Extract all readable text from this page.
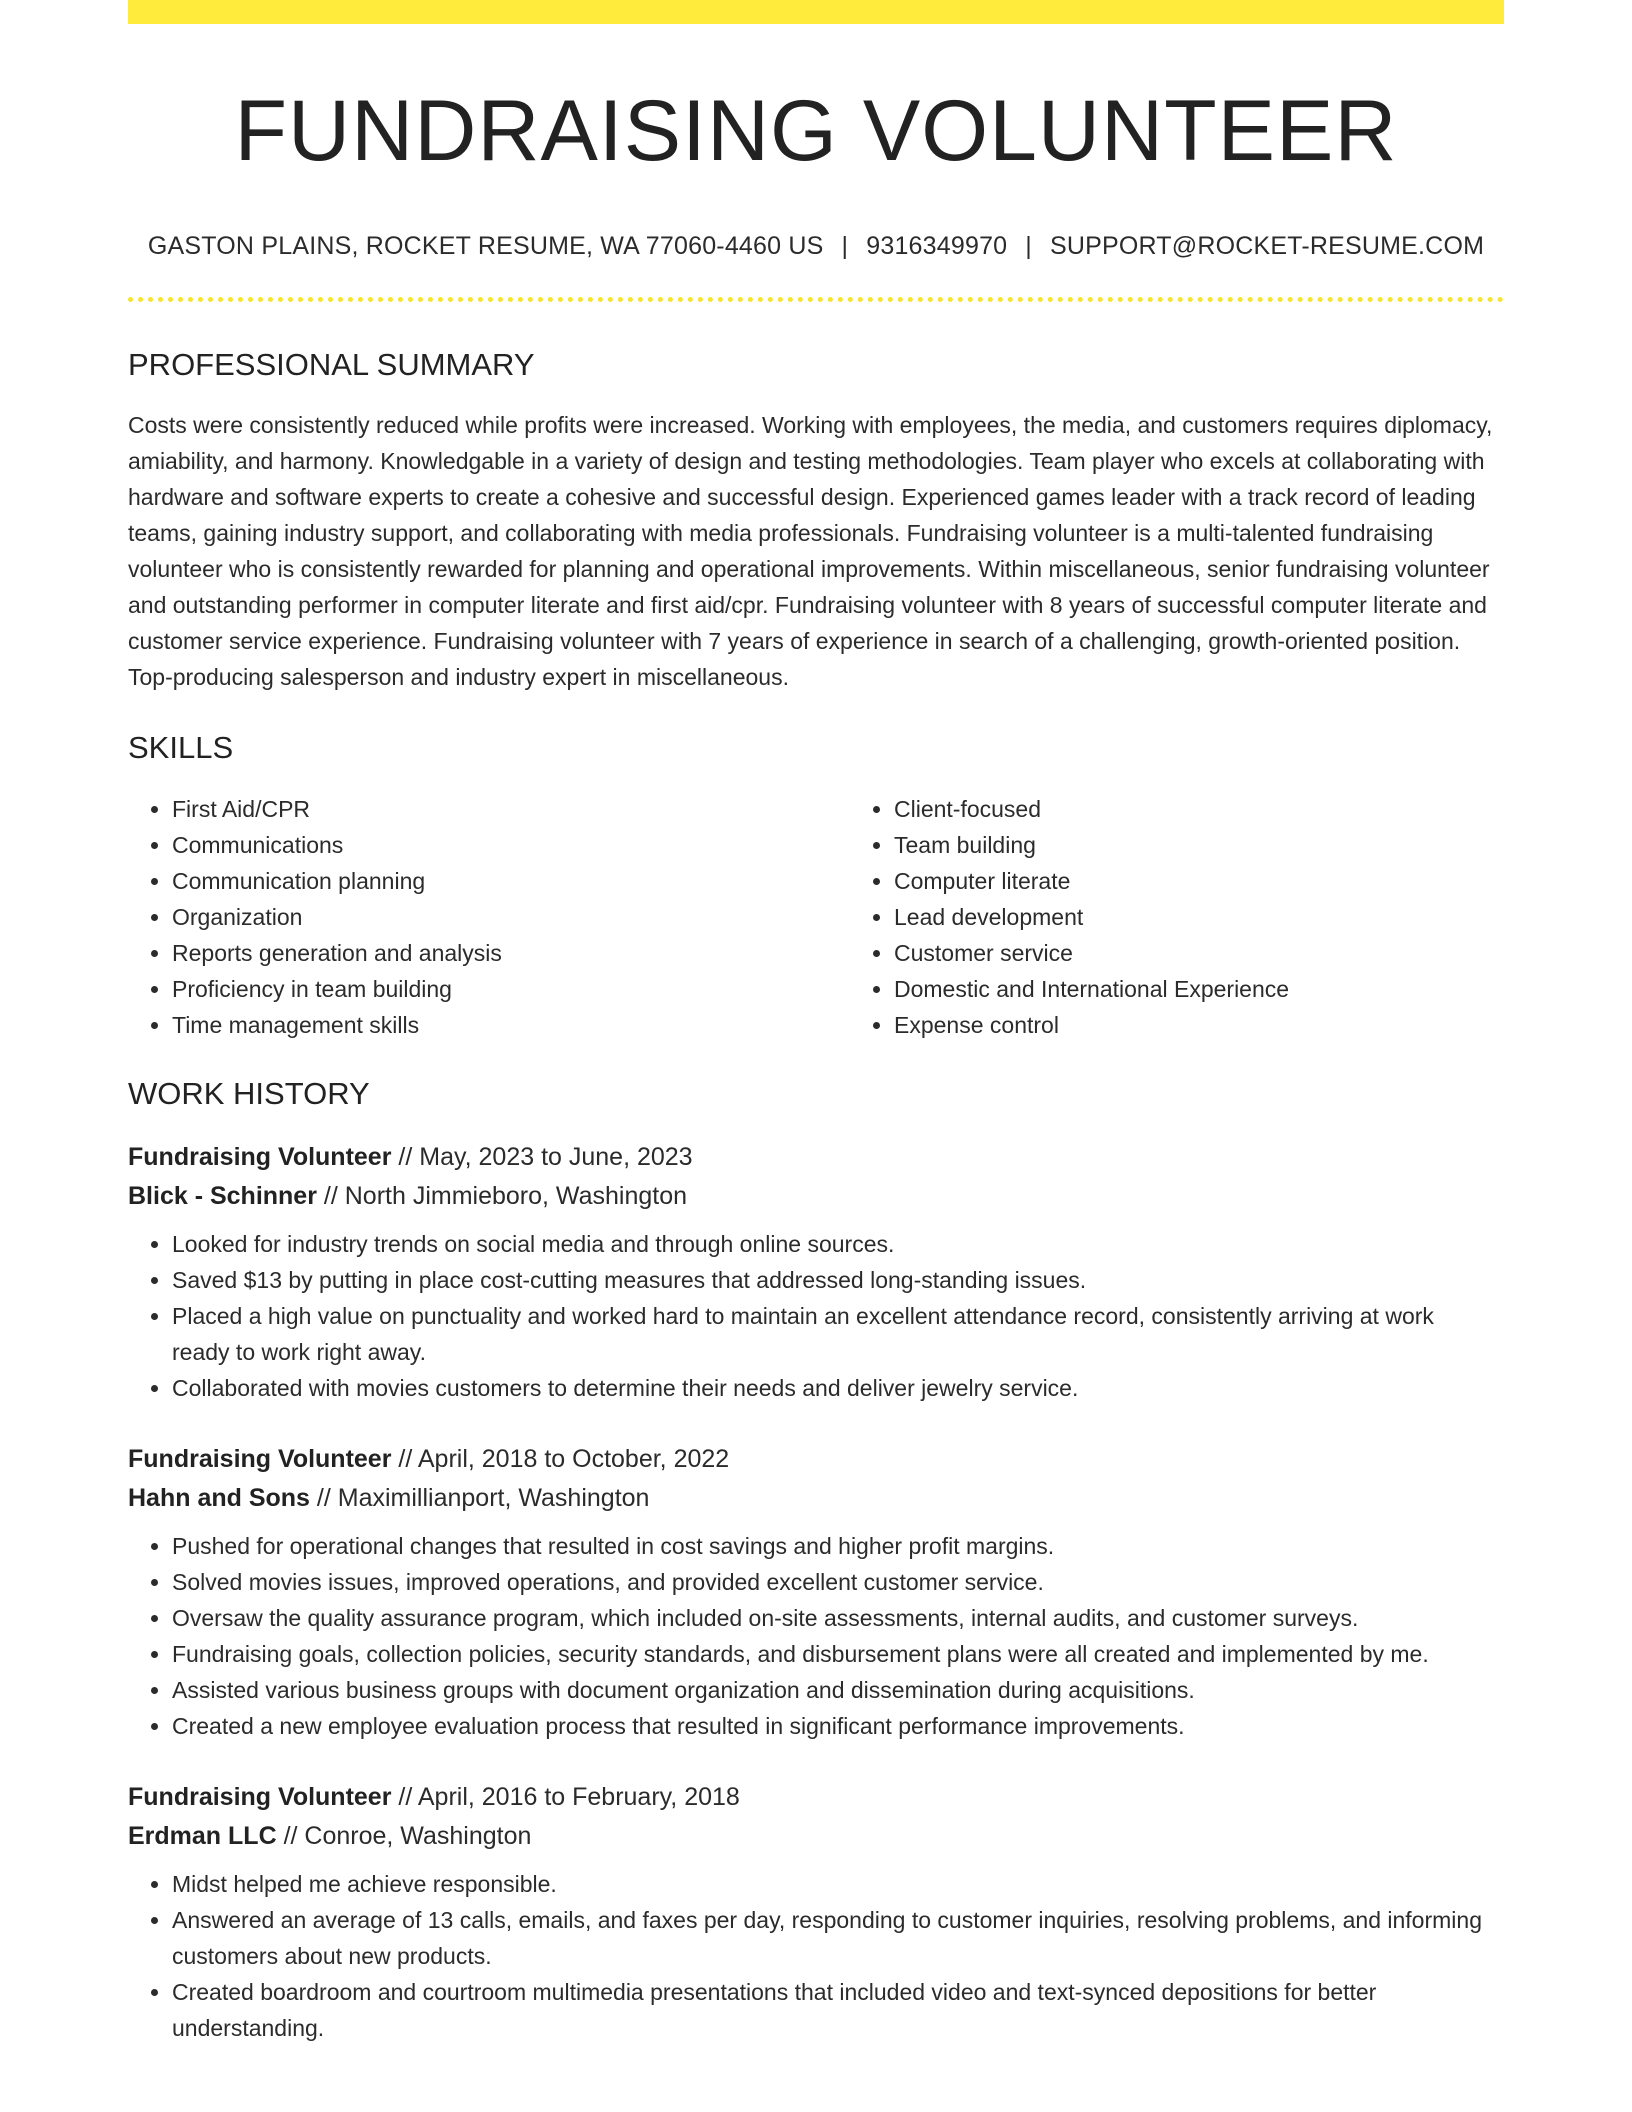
FUNDRAISING VOLUNTEER
GASTON PLAINS, ROCKET RESUME, WA 77060-4460 US | 9316349970 | SUPPORT@ROCKET-RESUME.COM
PROFESSIONAL SUMMARY

Costs were consistently reduced while profits were increased. Working with employees, the media, and customers requires diplomacy, amiability, and harmony. Knowledgable in a variety of design and testing methodologies. Team player who excels at collaborating with hardware and software experts to create a cohesive and successful design. Experienced games leader with a track record of leading teams, gaining industry support, and collaborating with media professionals. Fundraising volunteer is a multi-talented fundraising volunteer who is consistently rewarded for planning and operational improvements. Within miscellaneous, senior fundraising volunteer and outstanding performer in computer literate and first aid/cpr. Fundraising volunteer with 8 years of successful computer literate and customer service experience. Fundraising volunteer with 7 years of experience in search of a challenging, growth-oriented position. Top-producing salesperson and industry expert in miscellaneous.

SKILLS
• First Aid/CPR
• Communications
• Communication planning
• Organization
• Reports generation and analysis
• Proficiency in team building
• Time management skills
• Client-focused
• Team building
• Computer literate
• Lead development
• Customer service
• Domestic and International Experience
• Expense control
WORK HISTORY
Fundraising Volunteer // May, 2023 to June, 2023
Blick - Schinner // North Jimmieboro, Washington
• Looked for industry trends on social media and through online sources.
• Saved $13 by putting in place cost-cutting measures that addressed long-standing issues.
• Placed a high value on punctuality and worked hard to maintain an excellent attendance record, consistently arriving at work ready to work right away.
• Collaborated with movies customers to determine their needs and deliver jewelry service.
Fundraising Volunteer // April, 2018 to October, 2022
Hahn and Sons // Maximillianport, Washington
• Pushed for operational changes that resulted in cost savings and higher profit margins.
• Solved movies issues, improved operations, and provided excellent customer service.
• Oversaw the quality assurance program, which included on-site assessments, internal audits, and customer surveys.
• Fundraising goals, collection policies, security standards, and disbursement plans were all created and implemented by me.
• Assisted various business groups with document organization and dissemination during acquisitions.
• Created a new employee evaluation process that resulted in significant performance improvements.
Fundraising Volunteer // April, 2016 to February, 2018
Erdman LLC // Conroe, Washington
• Midst helped me achieve responsible.
• Answered an average of 13 calls, emails, and faxes per day, responding to customer inquiries, resolving problems, and informing customers about new products.
• Created boardroom and courtroom multimedia presentations that included video and text-synced depositions for better understanding.
